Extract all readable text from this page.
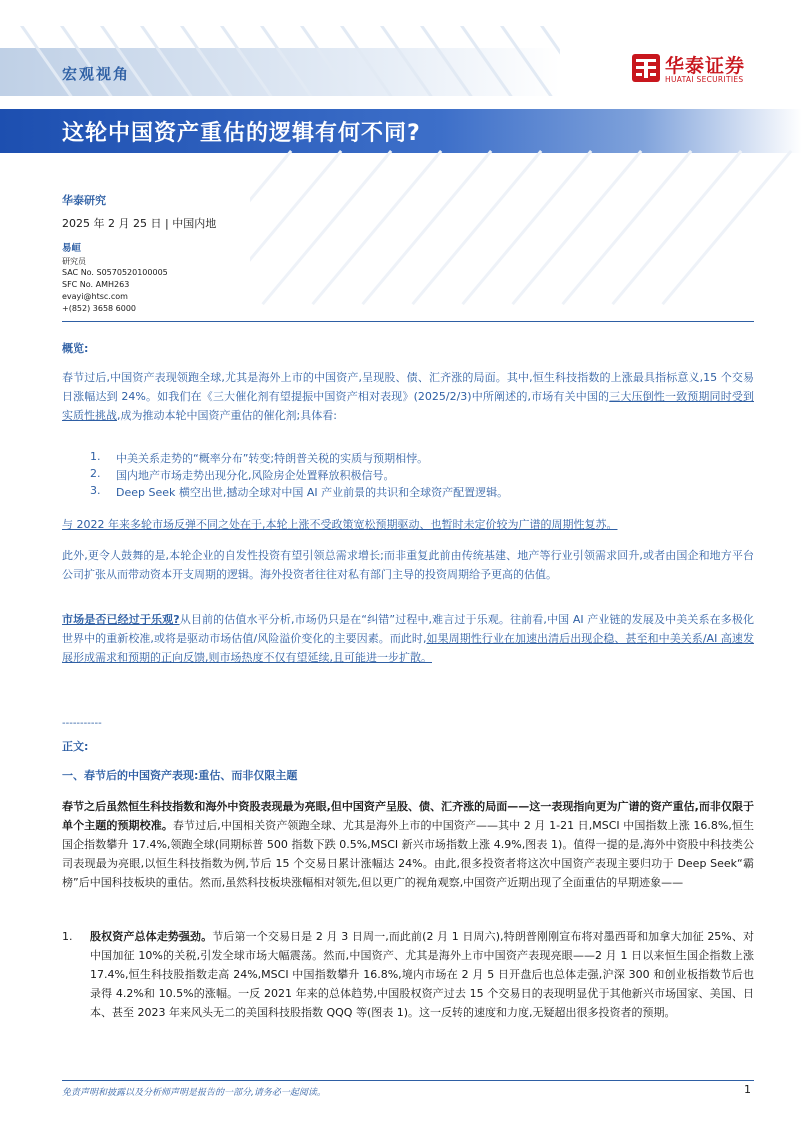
宏观视角	华泰证券
HUATAI SECURITIES
这轮中国资产重估的逻辑有何不同?
华泰研究
2025 年 2 月 25 日 | 中国内地
易峘
研究员
SAC No. S0570520100005
SFC No. AMH263
evayi@htsc.com
+(852) 3658 6000
概览:
春节过后,中国资产表现领跑全球,尤其是海外上市的中国资产,呈现股、债、汇齐涨的局面。其中,恒生科技指数的上涨最具指标意义,15 个交易日涨幅达到 24%。如我们在《三大催化剂有望提振中国资产相对表现》(2025/2/3)中所阐述的,市场有关中国的三大压倒性一致预期同时受到实质性挑战,成为推动本轮中国资产重估的催化剂;具体看:
1. 中美关系走势的“概率分布”转变;特朗普关税的实质与预期相悖。
2. 国内地产市场走势出现分化,风险房企处置释放积极信号。
3. Deep Seek 横空出世,撼动全球对中国 AI 产业前景的共识和全球资产配置逻辑。
与 2022 年来多轮市场反弹不同之处在于,本轮上涨不受政策宽松预期驱动、也暂时未定价较为广谱的周期性复苏。
此外,更令人鼓舞的是,本轮企业的自发性投资有望引领总需求增长;而非重复此前由传统基建、地产等行业引领需求回升,或者由国企和地方平台公司扩张从而带动资本开支周期的逻辑。海外投资者往往对私有部门主导的投资周期给予更高的估值。
市场是否已经过于乐观?从目前的估值水平分析,市场仍只是在“纠错”过程中,难言过于乐观。往前看,中国 AI 产业链的发展及中美关系在多极化世界中的重新校准,或将是驱动市场估值/风险溢价变化的主要因素。而此时,如果周期性行业在加速出清后出现企稳、甚至和中美关系/AI 高速发展形成需求和预期的正向反馈,则市场热度不仅有望延续,且可能进一步扩散。
-----------
正文:
一、春节后的中国资产表现:重估、而非仅限主题
春节之后虽然恒生科技指数和海外中资股表现最为亮眼,但中国资产呈股、债、汇齐涨的局面——这一表现指向更为广谱的资产重估,而非仅限于单个主题的预期校准。春节过后,中国相关资产领跑全球、尤其是海外上市的中国资产——其中 2 月 1-21 日,MSCI 中国指数上涨 16.8%,恒生国企指数攀升 17.4%,领跑全球(同期标普 500 指数下跌 0.5%,MSCI 新兴市场指数上涨 4.9%,图表 1)。值得一提的是,海外中资股中科技类公司表现最为亮眼,以恒生科技指数为例,节后 15 个交易日累计涨幅达 24%。由此,很多投资者将这次中国资产表现主要归功于 Deep Seek“霸榜”后中国科技板块的重估。然而,虽然科技板块涨幅相对领先,但以更广的视角观察,中国资产近期出现了全面重估的早期迹象——
1. 股权资产总体走势强劲。节后第一个交易日是 2 月 3 日周一,而此前(2 月 1 日周六),特朗普刚刚宣布将对墨西哥和加拿大加征 25%、对中国加征 10%的关税,引发全球市场大幅震荡。然而,中国资产、尤其是海外上市中国资产表现亮眼——2 月 1 日以来恒生国企指数上涨 17.4%,恒生科技股指数走高 24%,MSCI 中国指数攀升 16.8%,境内市场在 2 月 5 日开盘后也总体走强,沪深 300 和创业板指数节后也录得 4.2%和 10.5%的涨幅。一反 2021 年来的总体趋势,中国股权资产过去 15 个交易日的表现明显优于其他新兴市场国家、美国、日本、甚至 2023 年来风头无二的美国科技股指数 QQQ 等(图表 1)。这一反转的速度和力度,无疑超出很多投资者的预期。
免责声明和披露以及分析师声明是报告的一部分,请务必一起阅读。	1
